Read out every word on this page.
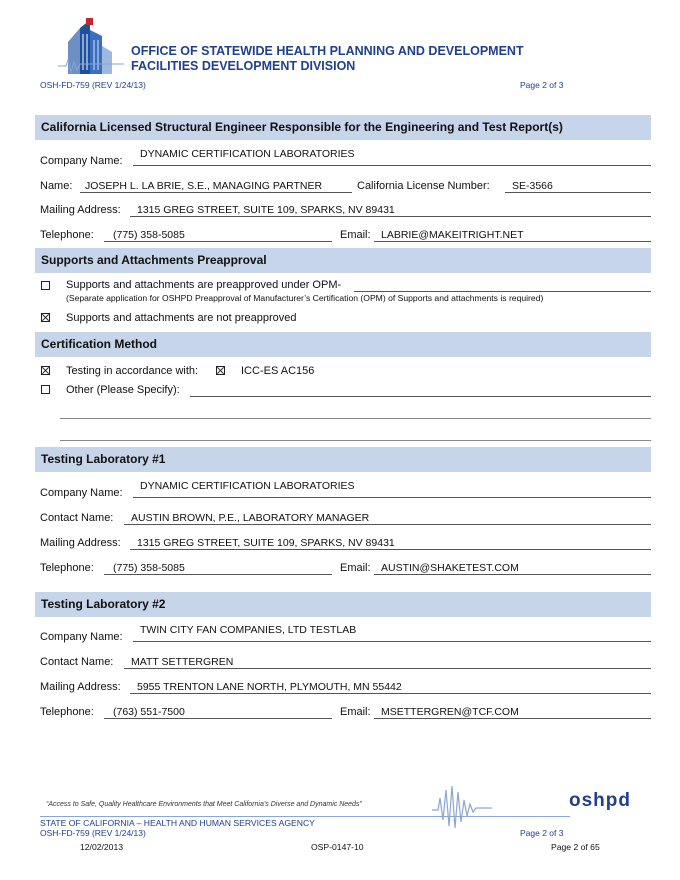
OFFICE OF STATEWIDE HEALTH PLANNING AND DEVELOPMENT
FACILITIES DEVELOPMENT DIVISION
OSH-FD-759 (REV 1/24/13)	Page 2 of 3
California Licensed Structural Engineer Responsible for the Engineering and Test Report(s)
Company Name:
DYNAMIC CERTIFICATION LABORATORIES
Name: JOSEPH L. LA BRIE, S.E., MANAGING PARTNER	California License Number: SE-3566
Mailing Address: 1315 GREG STREET, SUITE 109, SPARKS, NV 89431
Telephone: (775) 358-5085	Email: LABRIE@MAKEITRIGHT.NET
Supports and Attachments Preapproval
Supports and attachments are preapproved under OPM-
(Separate application for OSHPD Preapproval of Manufacturer’s Certification (OPM) of Supports and attachments is required)
Supports and attachments are not preapproved
Certification Method
Testing in accordance with:	ICC-ES AC156
Other (Please Specify):
Testing Laboratory #1
Company Name:
DYNAMIC CERTIFICATION LABORATORIES
Contact Name: AUSTIN BROWN, P.E., LABORATORY MANAGER
Mailing Address: 1315 GREG STREET, SUITE 109, SPARKS, NV 89431
Telephone: (775) 358-5085	Email: AUSTIN@SHAKETEST.COM
Testing Laboratory #2
Company Name:
TWIN CITY FAN COMPANIES, LTD TESTLAB
Contact Name: MATT SETTERGREN
Mailing Address: 5955 TRENTON LANE NORTH, PLYMOUTH, MN 55442
Telephone: (763) 551-7500	Email: MSETTERGREN@TCF.COM
“Access to Safe, Quality Healthcare Environments that Meet California’s Diverse and Dynamic Needs”	oshpd
STATE OF CALIFORNIA – HEALTH AND HUMAN SERVICES AGENCY
OSH-FD-759 (REV 1/24/13)	Page 2 of 3
12/02/2013	OSP-0147-10	Page 2 of 65
